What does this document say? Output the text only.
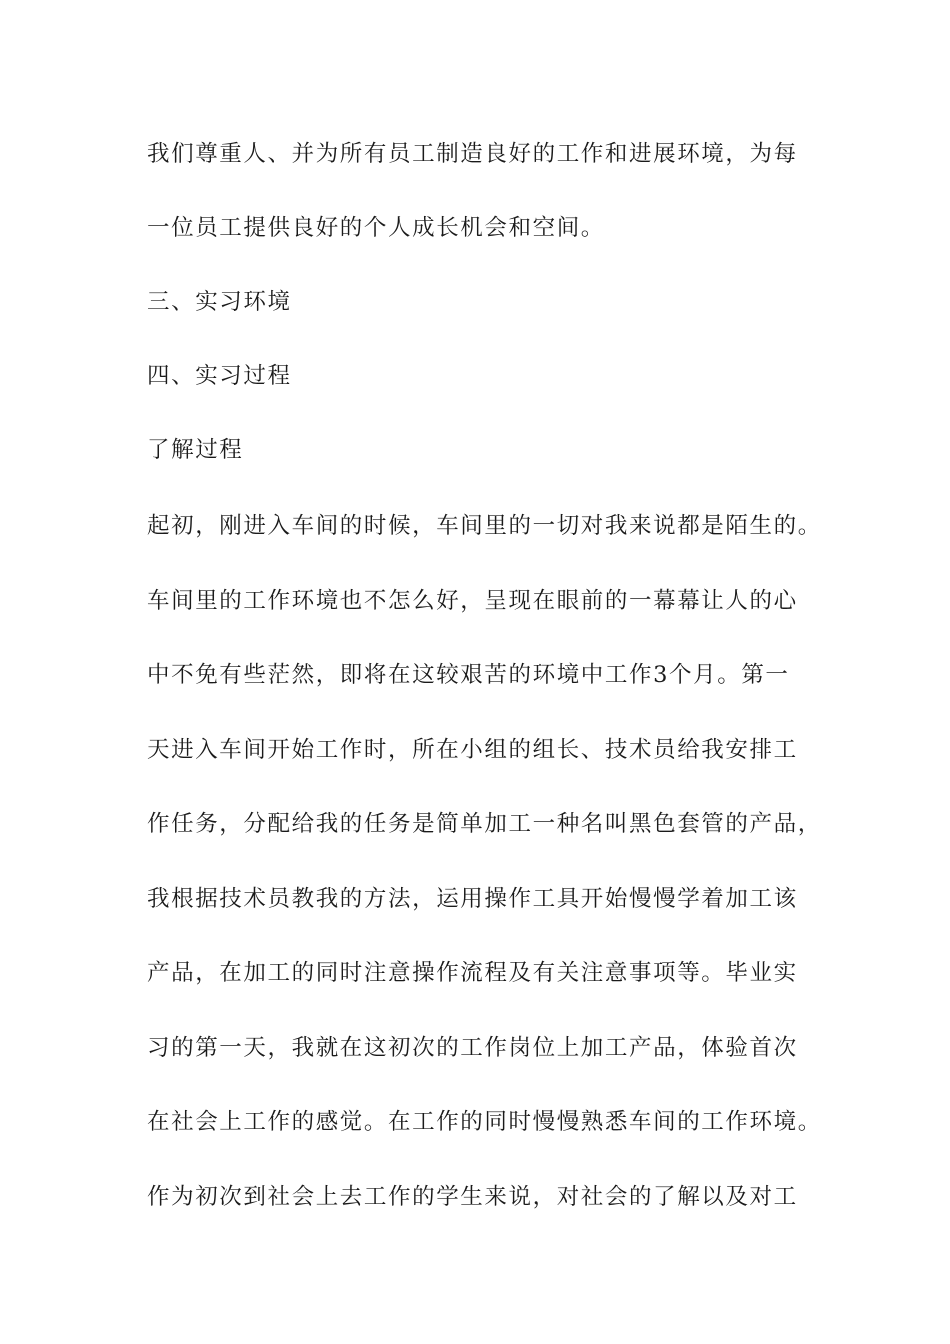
我们尊重人、并为所有员工制造良好的工作和进展环境，为每
一位员工提供良好的个人成长机会和空间。
三、实习环境
四、实习过程
了解过程
起初，刚进入车间的时候，车间里的一切对我来说都是陌生的。
车间里的工作环境也不怎么好，呈现在眼前的一幕幕让人的心
中不免有些茫然，即将在这较艰苦的环境中工作3个月。第一
天进入车间开始工作时，所在小组的组长、技术员给我安排工
作任务，分配给我的任务是简单加工一种名叫黑色套管的产品，
我根据技术员教我的方法，运用操作工具开始慢慢学着加工该
产品，在加工的同时注意操作流程及有关注意事项等。毕业实
习的第一天，我就在这初次的工作岗位上加工产品，体验首次
在社会上工作的感觉。在工作的同时慢慢熟悉车间的工作环境。
作为初次到社会上去工作的学生来说，对社会的了解以及对工
